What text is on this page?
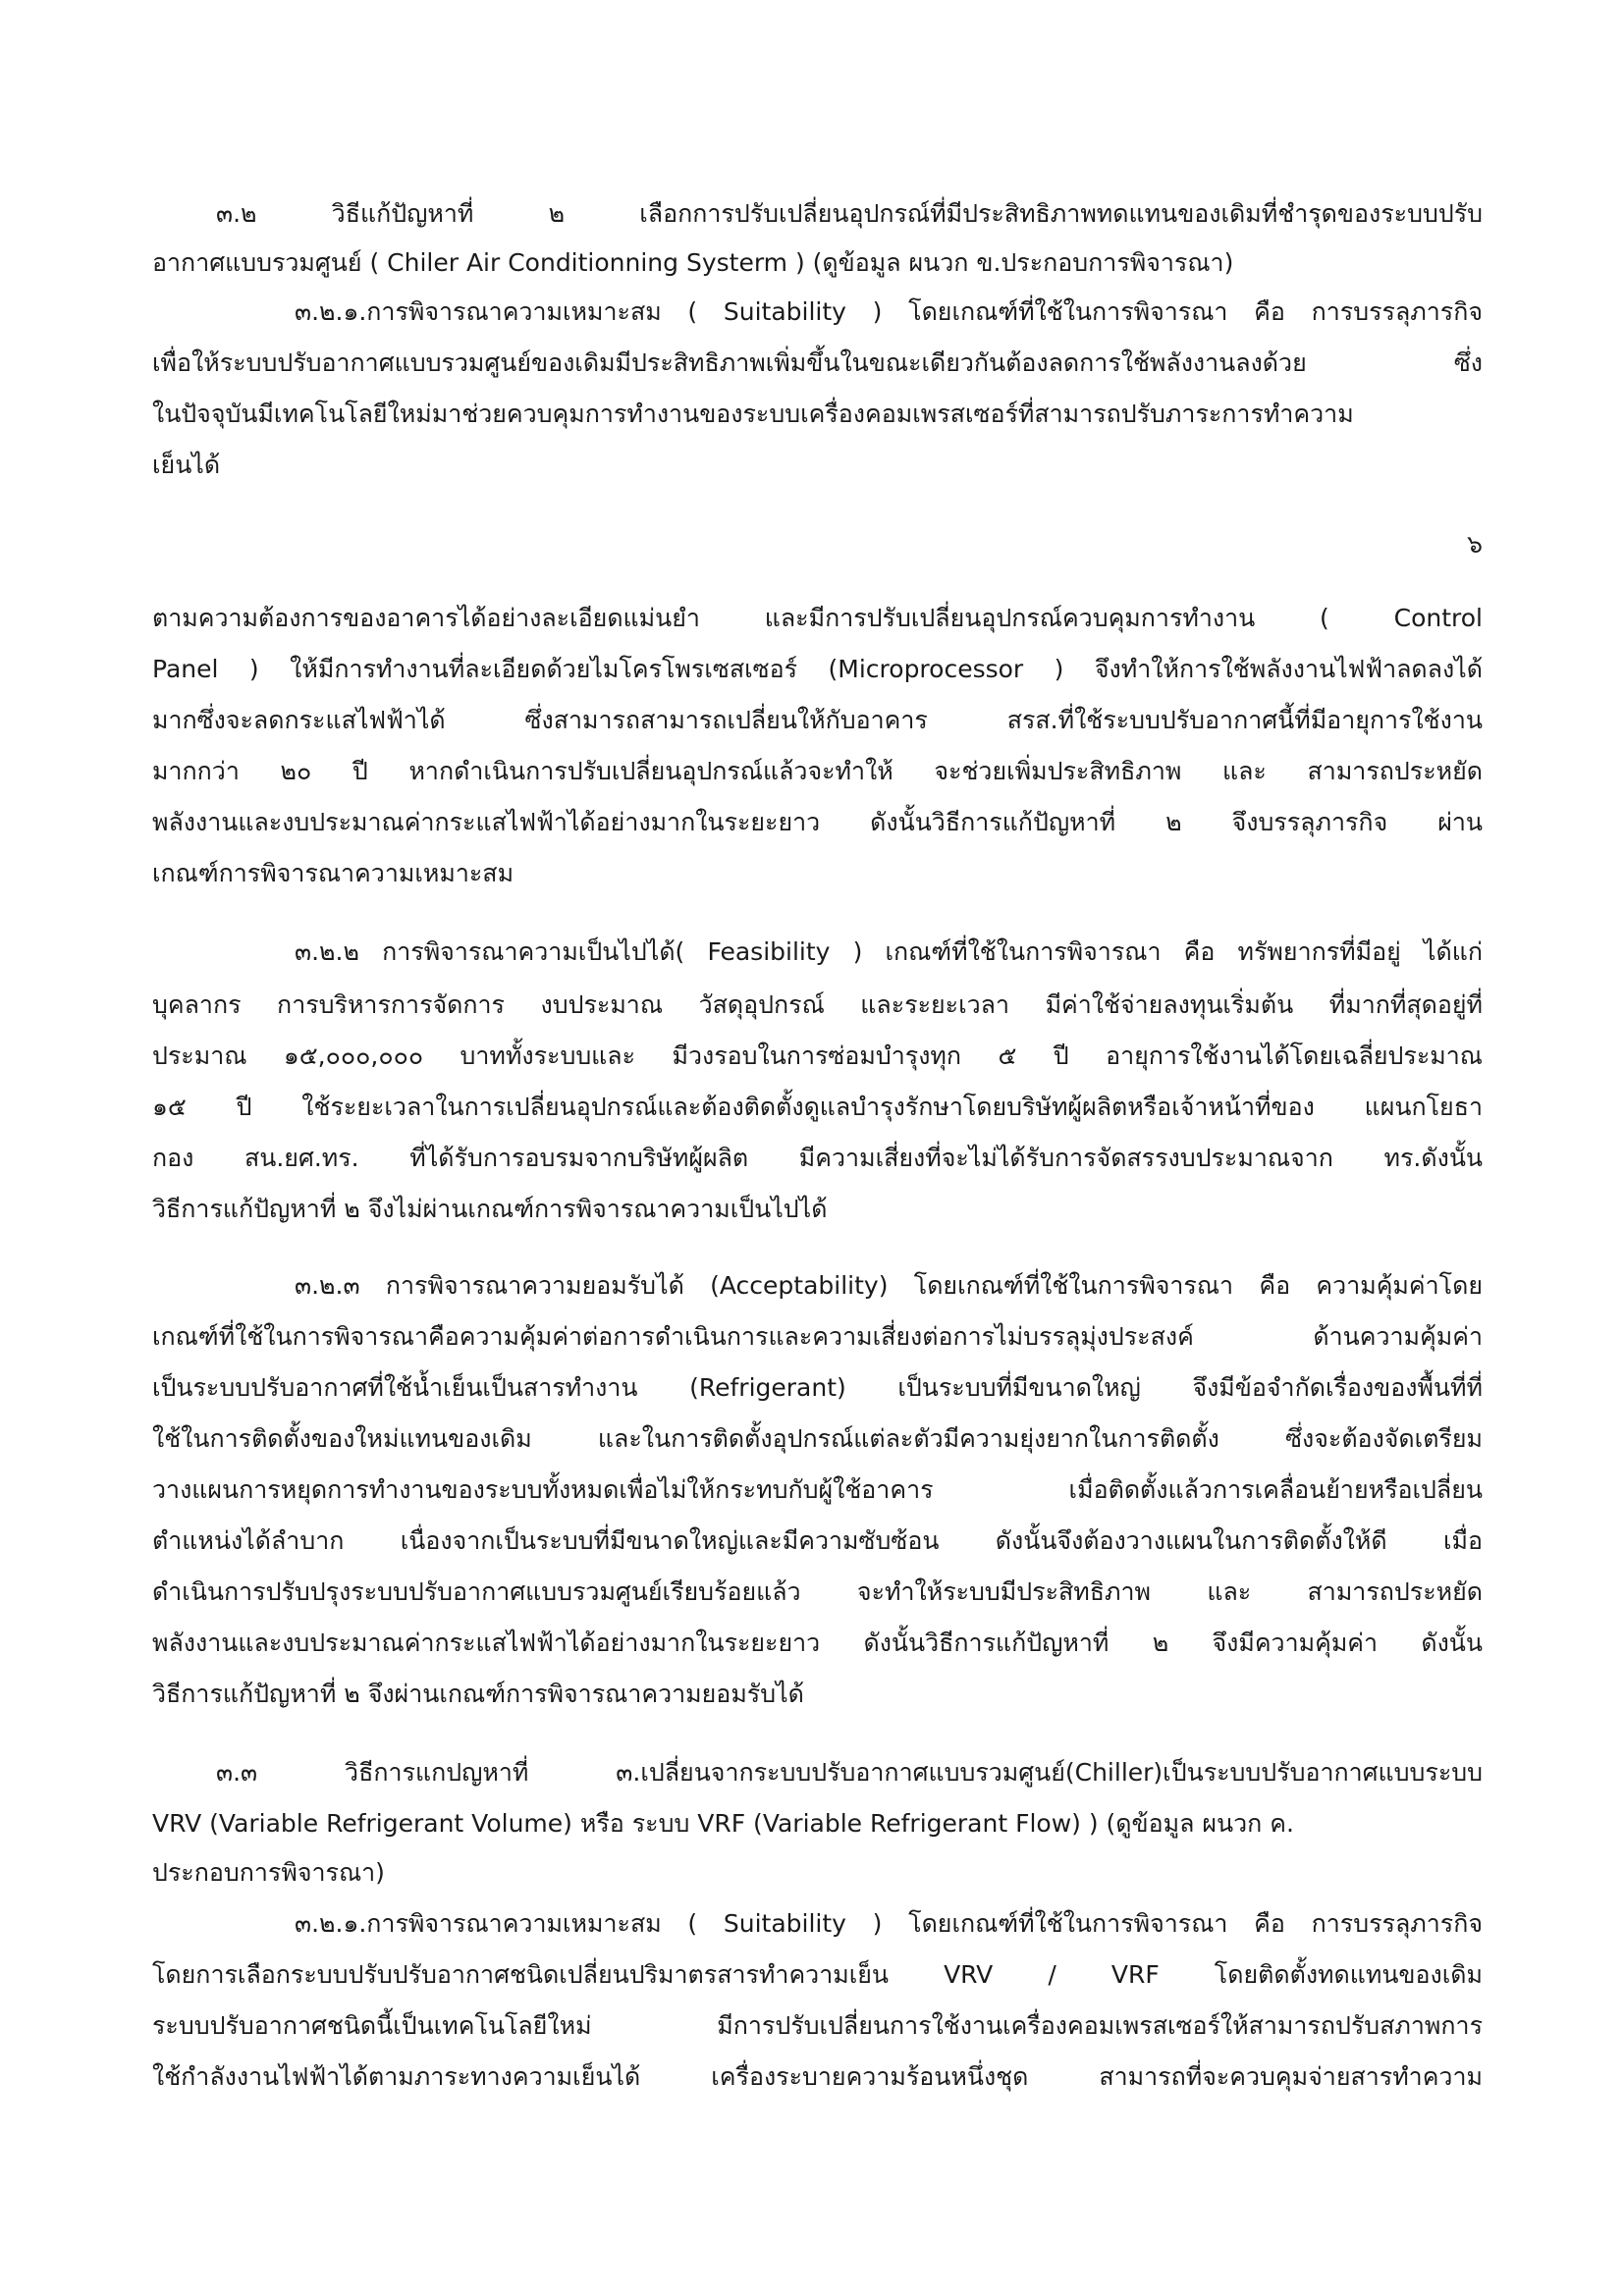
๓.๒ วิธีแก้ปัญหาที่ ๒ เลือกการปรับเปลี่ยนอุปกรณ์ที่มีประสิทธิภาพทดแทนของเดิมที่ชำรุดของระบบปรับ
อากาศแบบรวมศูนย์ ( Chiler Air Conditionning Systerm ) (ดูข้อมูล ผนวก ข.ประกอบการพิจารณา)
๓.๒.๑.การพิจารณาความเหมาะสม ( Suitability ) โดยเกณฑ์ที่ใช้ในการพิจารณา คือ การบรรลุภารกิจ
เพื่อให้ระบบปรับอากาศแบบรวมศูนย์ของเดิมมีประสิทธิภาพเพิ่มขึ้นในขณะเดียวกันต้องลดการใช้พลังงานลงด้วย ซึ่ง
ในปัจจุบันมีเทคโนโลยีใหม่มาช่วยควบคุมการทำงานของระบบเครื่องคอมเพรสเซอร์ที่สามารถปรับภาระการทำความ
เย็นได้
๖
ตามความต้องการของอาคารได้อย่างละเอียดแม่นยำ และมีการปรับเปลี่ยนอุปกรณ์ควบคุมการทำงาน ( Control
Panel ) ให้มีการทำงานที่ละเอียดด้วยไมโครโพรเซสเซอร์ (Microprocessor ) จึงทำให้การใช้พลังงานไฟฟ้าลดลงได้
มากซึ่งจะลดกระแสไฟฟ้าได้ ซึ่งสามารถสามารถเปลี่ยนให้กับอาคาร สรส.ที่ใช้ระบบปรับอากาศนี้ที่มีอายุการใช้งาน
มากกว่า ๒๐ ปี หากดำเนินการปรับเปลี่ยนอุปกรณ์แล้วจะทำให้ จะช่วยเพิ่มประสิทธิภาพ และ สามารถประหยัด
พลังงานและงบประมาณค่ากระแสไฟฟ้าได้อย่างมากในระยะยาว ดังนั้นวิธีการแก้ปัญหาที่ ๒ จึงบรรลุภารกิจ ผ่าน
เกณฑ์การพิจารณาความเหมาะสม
๓.๒.๒ การพิจารณาความเป็นไปได้( Feasibility ) เกณฑ์ที่ใช้ในการพิจารณา คือ ทรัพยากรที่มีอยู่ ได้แก่
บุคลากร การบริหารการจัดการ งบประมาณ วัสดุอุปกรณ์ และระยะเวลา มีค่าใช้จ่ายลงทุนเริ่มต้น ที่มากที่สุดอยู่ที่
ประมาณ ๑๕,๐๐๐,๐๐๐ บาททั้งระบบและ มีวงรอบในการซ่อมบำรุงทุก ๕ ปี อายุการใช้งานได้โดยเฉลี่ยประมาณ
๑๕ ปี ใช้ระยะเวลาในการเปลี่ยนอุปกรณ์และต้องติดตั้งดูแลบำรุงรักษาโดยบริษัทผู้ผลิตหรือเจ้าหน้าที่ของ แผนกโยธา
กอง สน.ยศ.ทร. ที่ได้รับการอบรมจากบริษัทผู้ผลิต มีความเสี่ยงที่จะไม่ได้รับการจัดสรรงบประมาณจาก ทร.ดังนั้น
วิธีการแก้ปัญหาที่ ๒ จึงไม่ผ่านเกณฑ์การพิจารณาความเป็นไปได้
๓.๒.๓ การพิจารณาความยอมรับได้ (Acceptability) โดยเกณฑ์ที่ใช้ในการพิจารณา คือ ความคุ้มค่าโดย
เกณฑ์ที่ใช้ในการพิจารณาคือความคุ้มค่าต่อการดำเนินการและความเสี่ยงต่อการไม่บรรลุมุ่งประสงค์ ด้านความคุ้มค่า
เป็นระบบปรับอากาศที่ใช้น้ำเย็นเป็นสารทำงาน (Refrigerant) เป็นระบบที่มีขนาดใหญ่ จึงมีข้อจำกัดเรื่องของพื้นที่ที่
ใช้ในการติดตั้งของใหม่แทนของเดิม และในการติดตั้งอุปกรณ์แต่ละตัวมีความยุ่งยากในการติดตั้ง ซึ่งจะต้องจัดเตรียม
วางแผนการหยุดการทำงานของระบบทั้งหมดเพื่อไม่ให้กระทบกับผู้ใช้อาคาร เมื่อติดตั้งแล้วการเคลื่อนย้ายหรือเปลี่ยน
ตำแหน่งได้ลำบาก เนื่องจากเป็นระบบที่มีขนาดใหญ่และมีความซับซ้อน ดังนั้นจึงต้องวางแผนในการติดตั้งให้ดี เมื่อ
ดำเนินการปรับปรุงระบบปรับอากาศแบบรวมศูนย์เรียบร้อยแล้ว จะทำให้ระบบมีประสิทธิภาพ และ สามารถประหยัด
พลังงานและงบประมาณค่ากระแสไฟฟ้าได้อย่างมากในระยะยาว ดังนั้นวิธีการแก้ปัญหาที่ ๒ จึงมีความคุ้มค่า ดังนั้น
วิธีการแก้ปัญหาที่ ๒ จึงผ่านเกณฑ์การพิจารณาความยอมรับได้
๓.๓ วิธีการแกปญหาที่ ๓.เปลี่ยนจากระบบปรับอากาศแบบรวมศูนย์(Chiller)เป็นระบบปรับอากาศแบบระบบ
VRV (Variable Refrigerant Volume) หรือ ระบบ VRF (Variable Refrigerant Flow) ) (ดูข้อมูล ผนวก ค.
ประกอบการพิจารณา)
๓.๒.๑.การพิจารณาความเหมาะสม ( Suitability ) โดยเกณฑ์ที่ใช้ในการพิจารณา คือ การบรรลุภารกิจ
โดยการเลือกระบบปรับปรับอากาศชนิดเปลี่ยนปริมาตรสารทำความเย็น VRV / VRF โดยติดตั้งทดแทนของเดิม
ระบบปรับอากาศชนิดนี้เป็นเทคโนโลยีใหม่ มีการปรับเปลี่ยนการใช้งานเครื่องคอมเพรสเซอร์ให้สามารถปรับสภาพการ
ใช้กำลังงานไฟฟ้าได้ตามภาระทางความเย็นได้ เครื่องระบายความร้อนหนึ่งชุด สามารถที่จะควบคุมจ่ายสารทำความ
